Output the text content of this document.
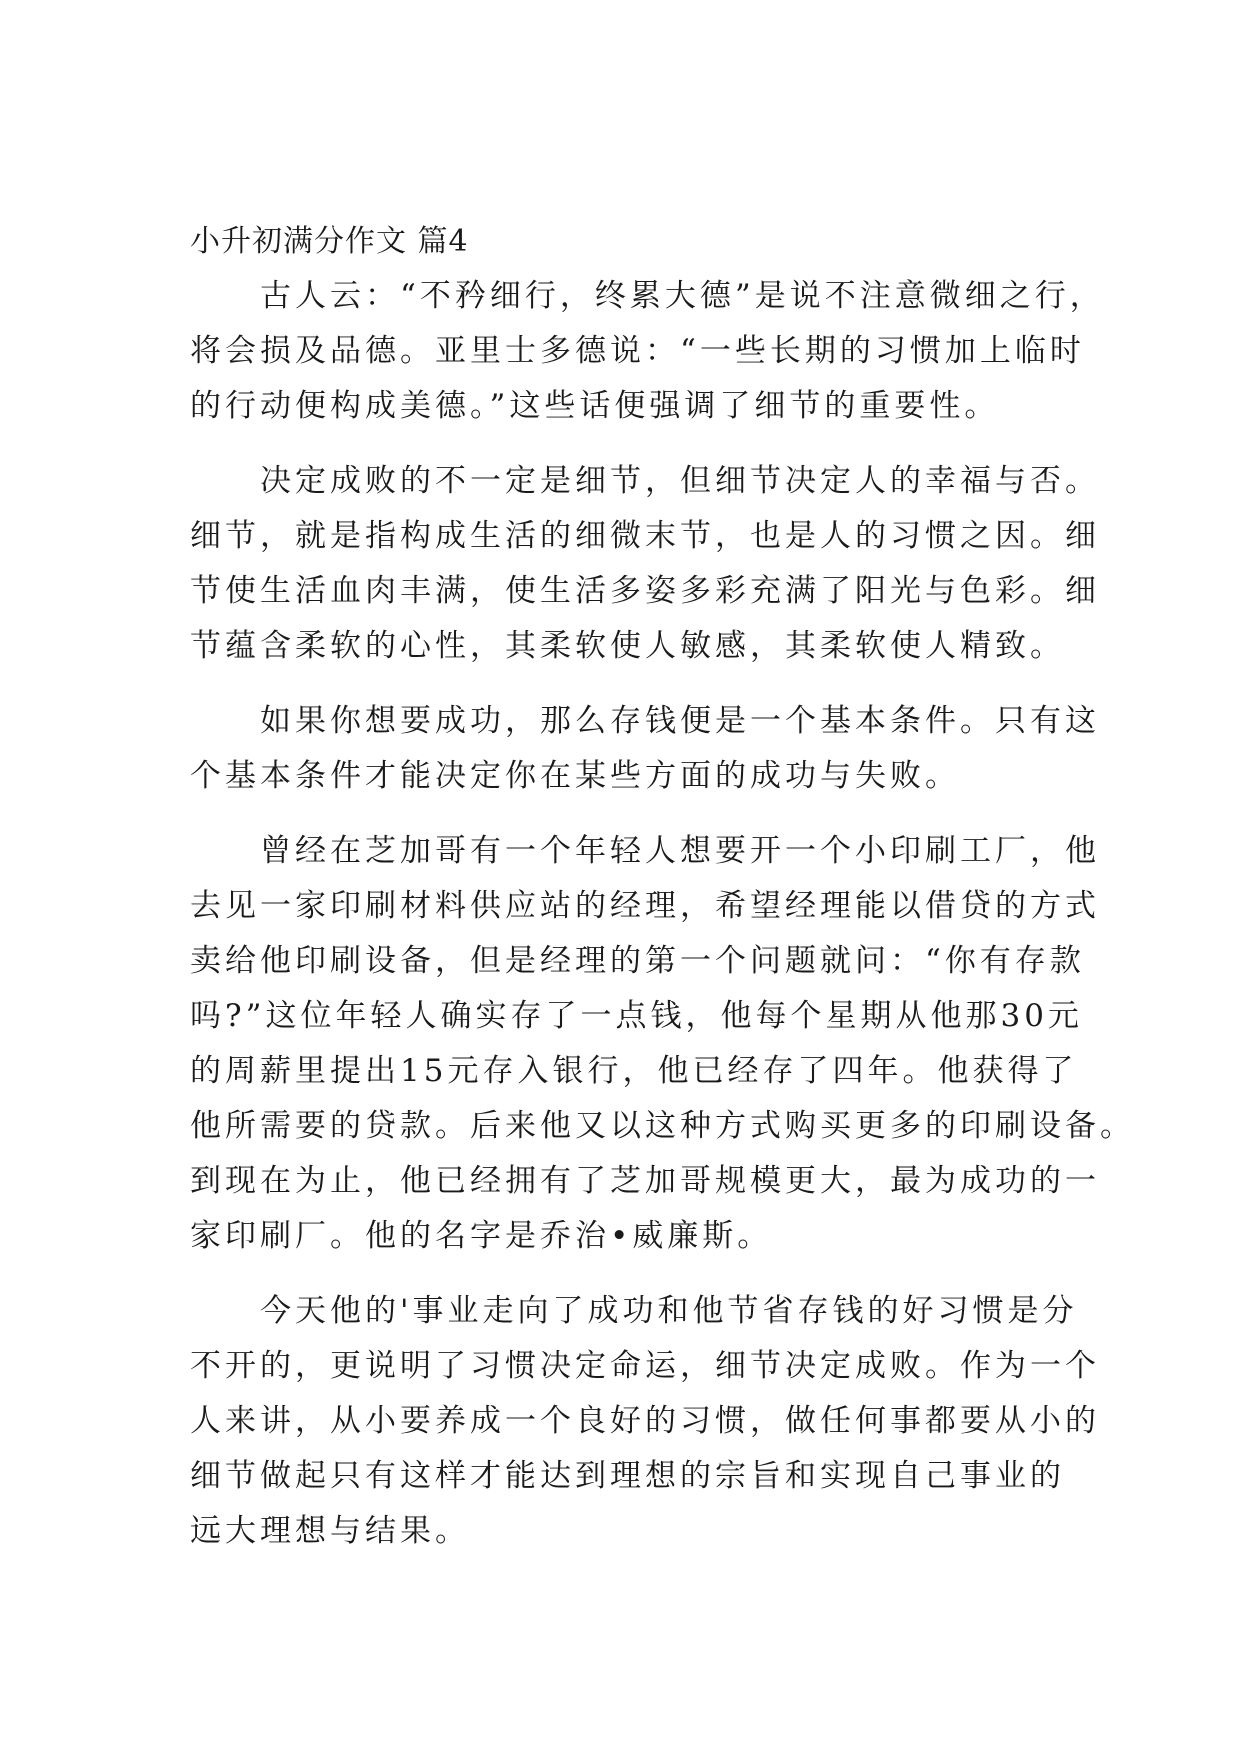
小升初满分作文 篇4
　　古人云：“不矜细行，终累大德”是说不注意微细之行，
将会损及品德。亚里士多德说：“一些长期的习惯加上临时
的行动便构成美德。”这些话便强调了细节的重要性。
　　决定成败的不一定是细节，但细节决定人的幸福与否。
细节，就是指构成生活的细微末节，也是人的习惯之因。细
节使生活血肉丰满，使生活多姿多彩充满了阳光与色彩。细
节蕴含柔软的心性，其柔软使人敏感，其柔软使人精致。
　　如果你想要成功，那么存钱便是一个基本条件。只有这
个基本条件才能决定你在某些方面的成功与失败。
　　曾经在芝加哥有一个年轻人想要开一个小印刷工厂，他
去见一家印刷材料供应站的经理，希望经理能以借贷的方式
卖给他印刷设备，但是经理的第一个问题就问：“你有存款
吗?”这位年轻人确实存了一点钱，他每个星期从他那30元
的周薪里提出15元存入银行，他已经存了四年。他获得了
他所需要的贷款。后来他又以这种方式购买更多的印刷设备。
到现在为止，他已经拥有了芝加哥规模更大，最为成功的一
家印刷厂。他的名字是乔治•威廉斯。
　　今天他的'事业走向了成功和他节省存钱的好习惯是分
不开的，更说明了习惯决定命运，细节决定成败。作为一个
人来讲，从小要养成一个良好的习惯，做任何事都要从小的
细节做起只有这样才能达到理想的宗旨和实现自己事业的
远大理想与结果。
